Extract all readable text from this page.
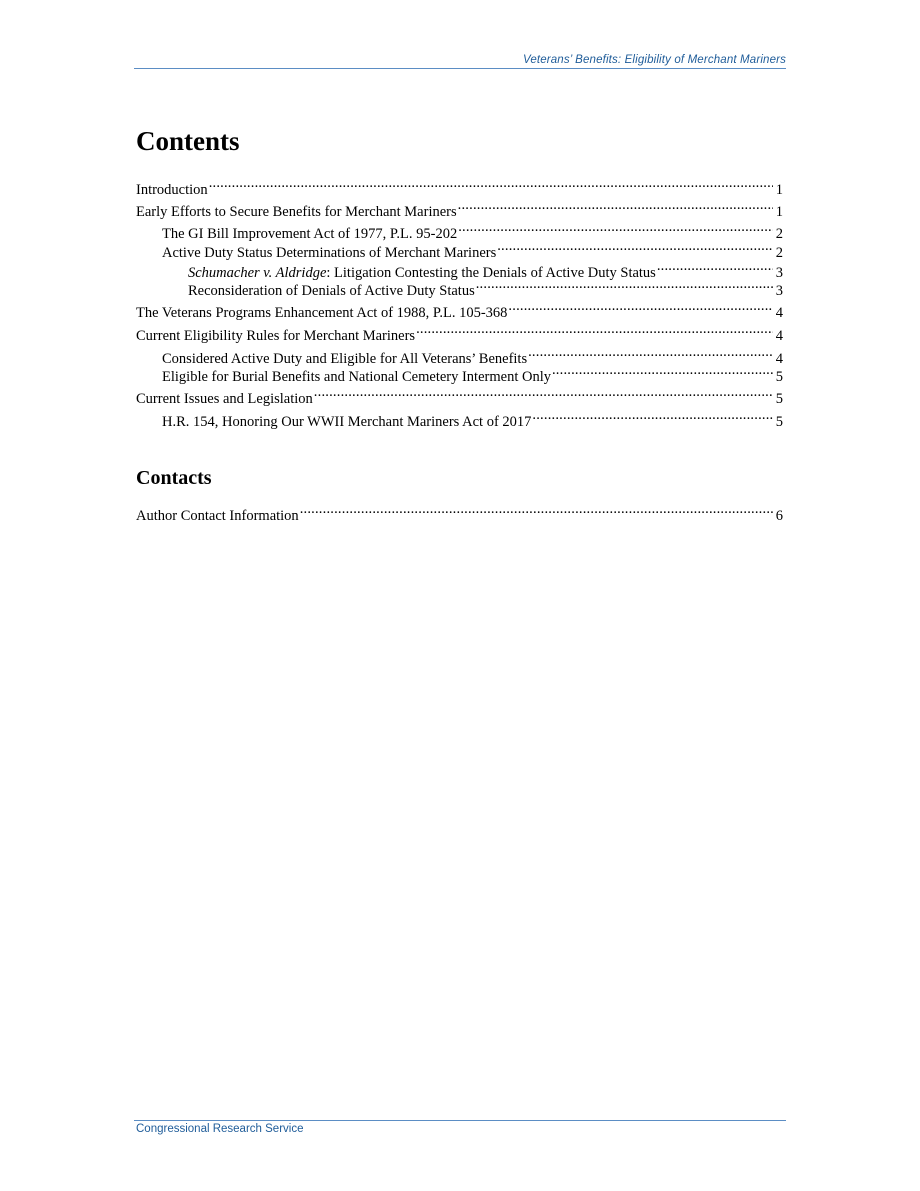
Veterans’ Benefits: Eligibility of Merchant Mariners
Contents
Introduction .....	1
Early Efforts to Secure Benefits for Merchant Mariners .....	1
The GI Bill Improvement Act of 1977, P.L. 95-202 .....	2
Active Duty Status Determinations of Merchant Mariners .....	2
Schumacher v. Aldridge: Litigation Contesting the Denials of Active Duty Status .....	3
Reconsideration of Denials of Active Duty Status .....	3
The Veterans Programs Enhancement Act of 1988, P.L. 105-368 .....	4
Current Eligibility Rules for Merchant Mariners .....	4
Considered Active Duty and Eligible for All Veterans’ Benefits .....	4
Eligible for Burial Benefits and National Cemetery Interment Only .....	5
Current Issues and Legislation .....	5
H.R. 154, Honoring Our WWII Merchant Mariners Act of 2017 .....	5
Contacts
Author Contact Information .....	6
Congressional Research Service
